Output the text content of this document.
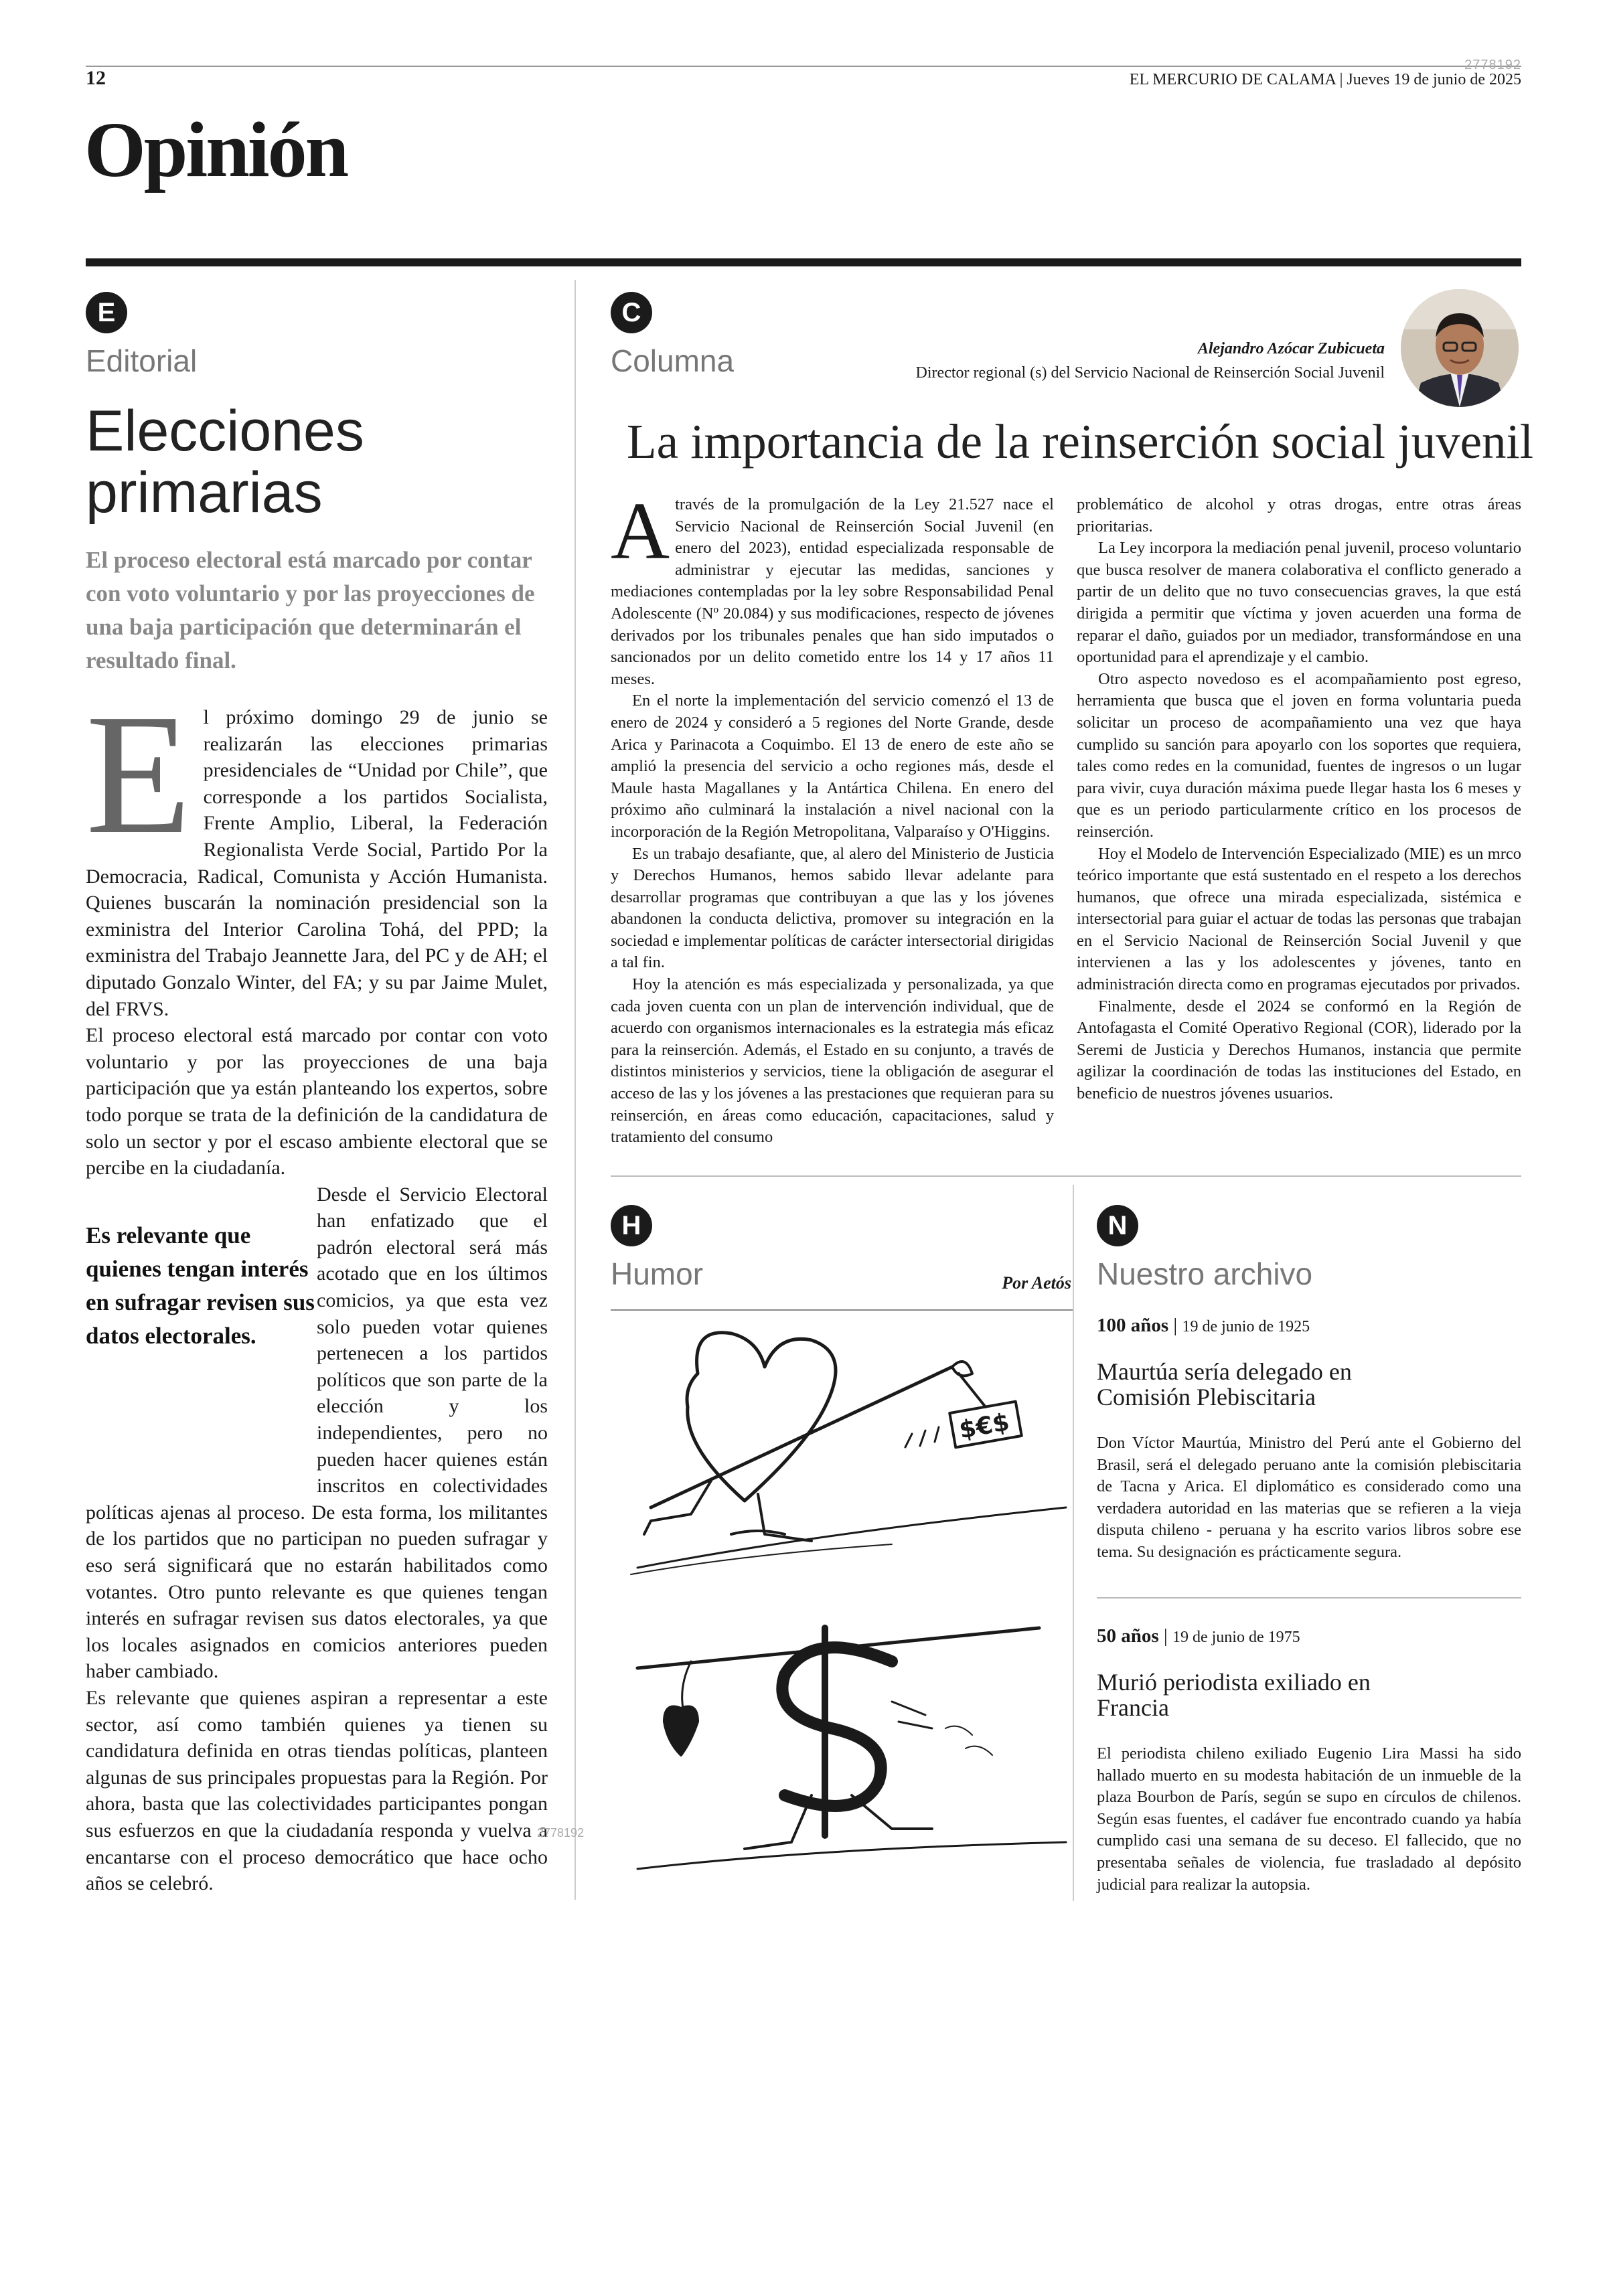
12
2778192
EL MERCURIO DE CALAMA | Jueves 19 de junio de 2025
Opinión
E
Editorial
Elecciones primarias
El proceso electoral está marcado por contar con voto voluntario y por las proyecciones de una baja participación que determinarán el resultado final.
E l próximo domingo 29 de junio se realizarán las elecciones primarias presidenciales de “Unidad por Chile”, que corresponde a los partidos Socialista, Frente Amplio, Liberal, la Federación Regionalista Verde Social, Partido Por la Democracia, Radical, Comunista y Acción Humanista. Quienes buscarán la nominación presidencial son la exministra del Interior Carolina Tohá, del PPD; la exministra del Trabajo Jeannette Jara, del PC y de AH; el diputado Gonzalo Winter, del FA; y su par Jaime Mulet, del FRVS.

El proceso electoral está marcado por contar con voto voluntario y por las proyecciones de una baja participación que ya están planteando los expertos, sobre todo porque se trata de la definición de la candidatura de solo un sector y por el escaso ambiente electoral que se percibe en la ciudadanía.

Es relevante que quienes tengan interés en sufragar revisen sus datos electorales.

Desde el Servicio Electoral han enfatizado que el padrón electoral será más acotado que en los últimos comicios, ya que esta vez solo pueden votar quienes pertenecen a los partidos políticos que son parte de la elección y los independientes, pero no pueden hacer quienes están inscritos en colectividades políticas ajenas al proceso. De esta forma, los militantes de los partidos que no participan no pueden sufragar y eso será significará que no estarán habilitados como votantes. Otro punto relevante es que quienes tengan interés en sufragar revisen sus datos electorales, ya que los locales asignados en comicios anteriores pueden haber cambiado.

Es relevante que quienes aspiran a representar a este sector, así como también quienes ya tienen su candidatura definida en otras tiendas políticas, planteen algunas de sus principales propuestas para la Región. Por ahora, basta que las colectividades participantes pongan sus esfuerzos en que la ciudadanía responda y vuelva a encantarse con el proceso democrático que hace ocho años se celebró.

C
Columna	Alejandro Azócar Zubicueta
Director regional (s) del Servicio Nacional de Reinserción Social Juvenil
La importancia de la reinserción social juvenil

Através de la promulgación de la Ley 21.527 nace el Servicio Nacional de Reinserción Social Juvenil (en enero del 2023), entidad especializada responsable de administrar y ejecutar las medidas, sanciones y mediaciones contempladas por la ley sobre Responsabilidad Penal Adolescente (Nº 20.084) y sus modificaciones, respecto de jóvenes derivados por los tribunales penales que han sido imputados o sancionados por un delito cometido entre los 14 y 17 años 11 meses.

En el norte la implementación del servicio comenzó el 13 de enero de 2024 y consideró a 5 regiones del Norte Grande, desde Arica y Parinacota a Coquimbo. El 13 de enero de este año se amplió la presencia del servicio a ocho regiones más, desde el Maule hasta Magallanes y la Antártica Chilena. En enero del próximo año culminará la instalación a nivel nacional con la incorporación de la Región Metropolitana, Valparaíso y O'Higgins.

Es un trabajo desafiante, que, al alero del Ministerio de Justicia y Derechos Humanos, hemos sabido llevar adelante para desarrollar programas que contribuyan a que las y los jóvenes abandonen la conducta delictiva, promover su integración en la sociedad e implementar políticas de carácter intersectorial dirigidas a tal fin.

Hoy la atención es más especializada y personalizada, ya que cada joven cuenta con un plan de intervención individual, que de acuerdo con organismos internacionales es la estrategia más eficaz para la reinserción. Además, el Estado en su conjunto, a través de distintos ministerios y servicios, tiene la obligación de asegurar el acceso de las y los jóvenes a las prestaciones que requieran para su reinserción, en áreas como educación, capacitaciones, salud y tratamiento del consumo

problemático de alcohol y otras drogas, entre otras áreas prioritarias.

La Ley incorpora la mediación penal juvenil, proceso voluntario que busca resolver de manera colaborativa el conflicto generado a partir de un delito que no tuvo consecuencias graves, la que está dirigida a permitir que víctima y joven acuerden una forma de reparar el daño, guiados por un mediador, transformándose en una oportunidad para el aprendizaje y el cambio.

Otro aspecto novedoso es el acompañamiento post egreso, herramienta que busca que el joven en forma voluntaria pueda solicitar un proceso de acompañamiento una vez que haya cumplido su sanción para apoyarlo con los soportes que requiera, tales como redes en la comunidad, fuentes de ingresos o un lugar para vivir, cuya duración máxima puede llegar hasta los 6 meses y que es un periodo particularmente crítico en los procesos de reinserción.

Hoy el Modelo de Intervención Especializado (MIE) es un mrco teórico importante que está sustentado en el respeto a los derechos humanos, que ofrece una mirada especializada, sistémica e intersectorial para guiar el actuar de todas las personas que trabajan en el Servicio Nacional de Reinserción Social Juvenil y que intervienen a las y los adolescentes y jóvenes, tanto en administración directa como en programas ejecutados por privados.

Finalmente, desde el 2024 se conformó en la Región de Antofagasta el Comité Operativo Regional (COR), liderado por la Seremi de Justicia y Derechos Humanos, instancia que permite agilizar la coordinación de todas las instituciones del Estado, en beneficio de nuestros jóvenes usuarios.

H
Humor	Por Aetós
$€$
2778192
N
Nuestro archivo
100 años | 19 de junio de 1925
Maurtúa sería delegado en Comisión Plebiscitaria
Don Víctor Maurtúa, Ministro del Perú ante el Gobierno del Brasil, será el delegado peruano ante la comisión plebiscitaria de Tacna y Arica. El diplomático es considerado como una verdadera autoridad en las materias que se refieren a la vieja disputa chileno - peruana y ha escrito varios libros sobre ese tema. Su designación es prácticamente segura.
50 años | 19 de junio de 1975
Murió periodista exiliado en Francia
El periodista chileno exiliado Eugenio Lira Massi ha sido hallado muerto en su modesta habitación de un inmueble de la plaza Bourbon de París, según se supo en círculos de chilenos. Según esas fuentes, el cadáver fue encontrado cuando ya había cumplido casi una semana de su deceso. El fallecido, que no presentaba señales de violencia, fue trasladado al depósito judicial para realizar la autopsia.
